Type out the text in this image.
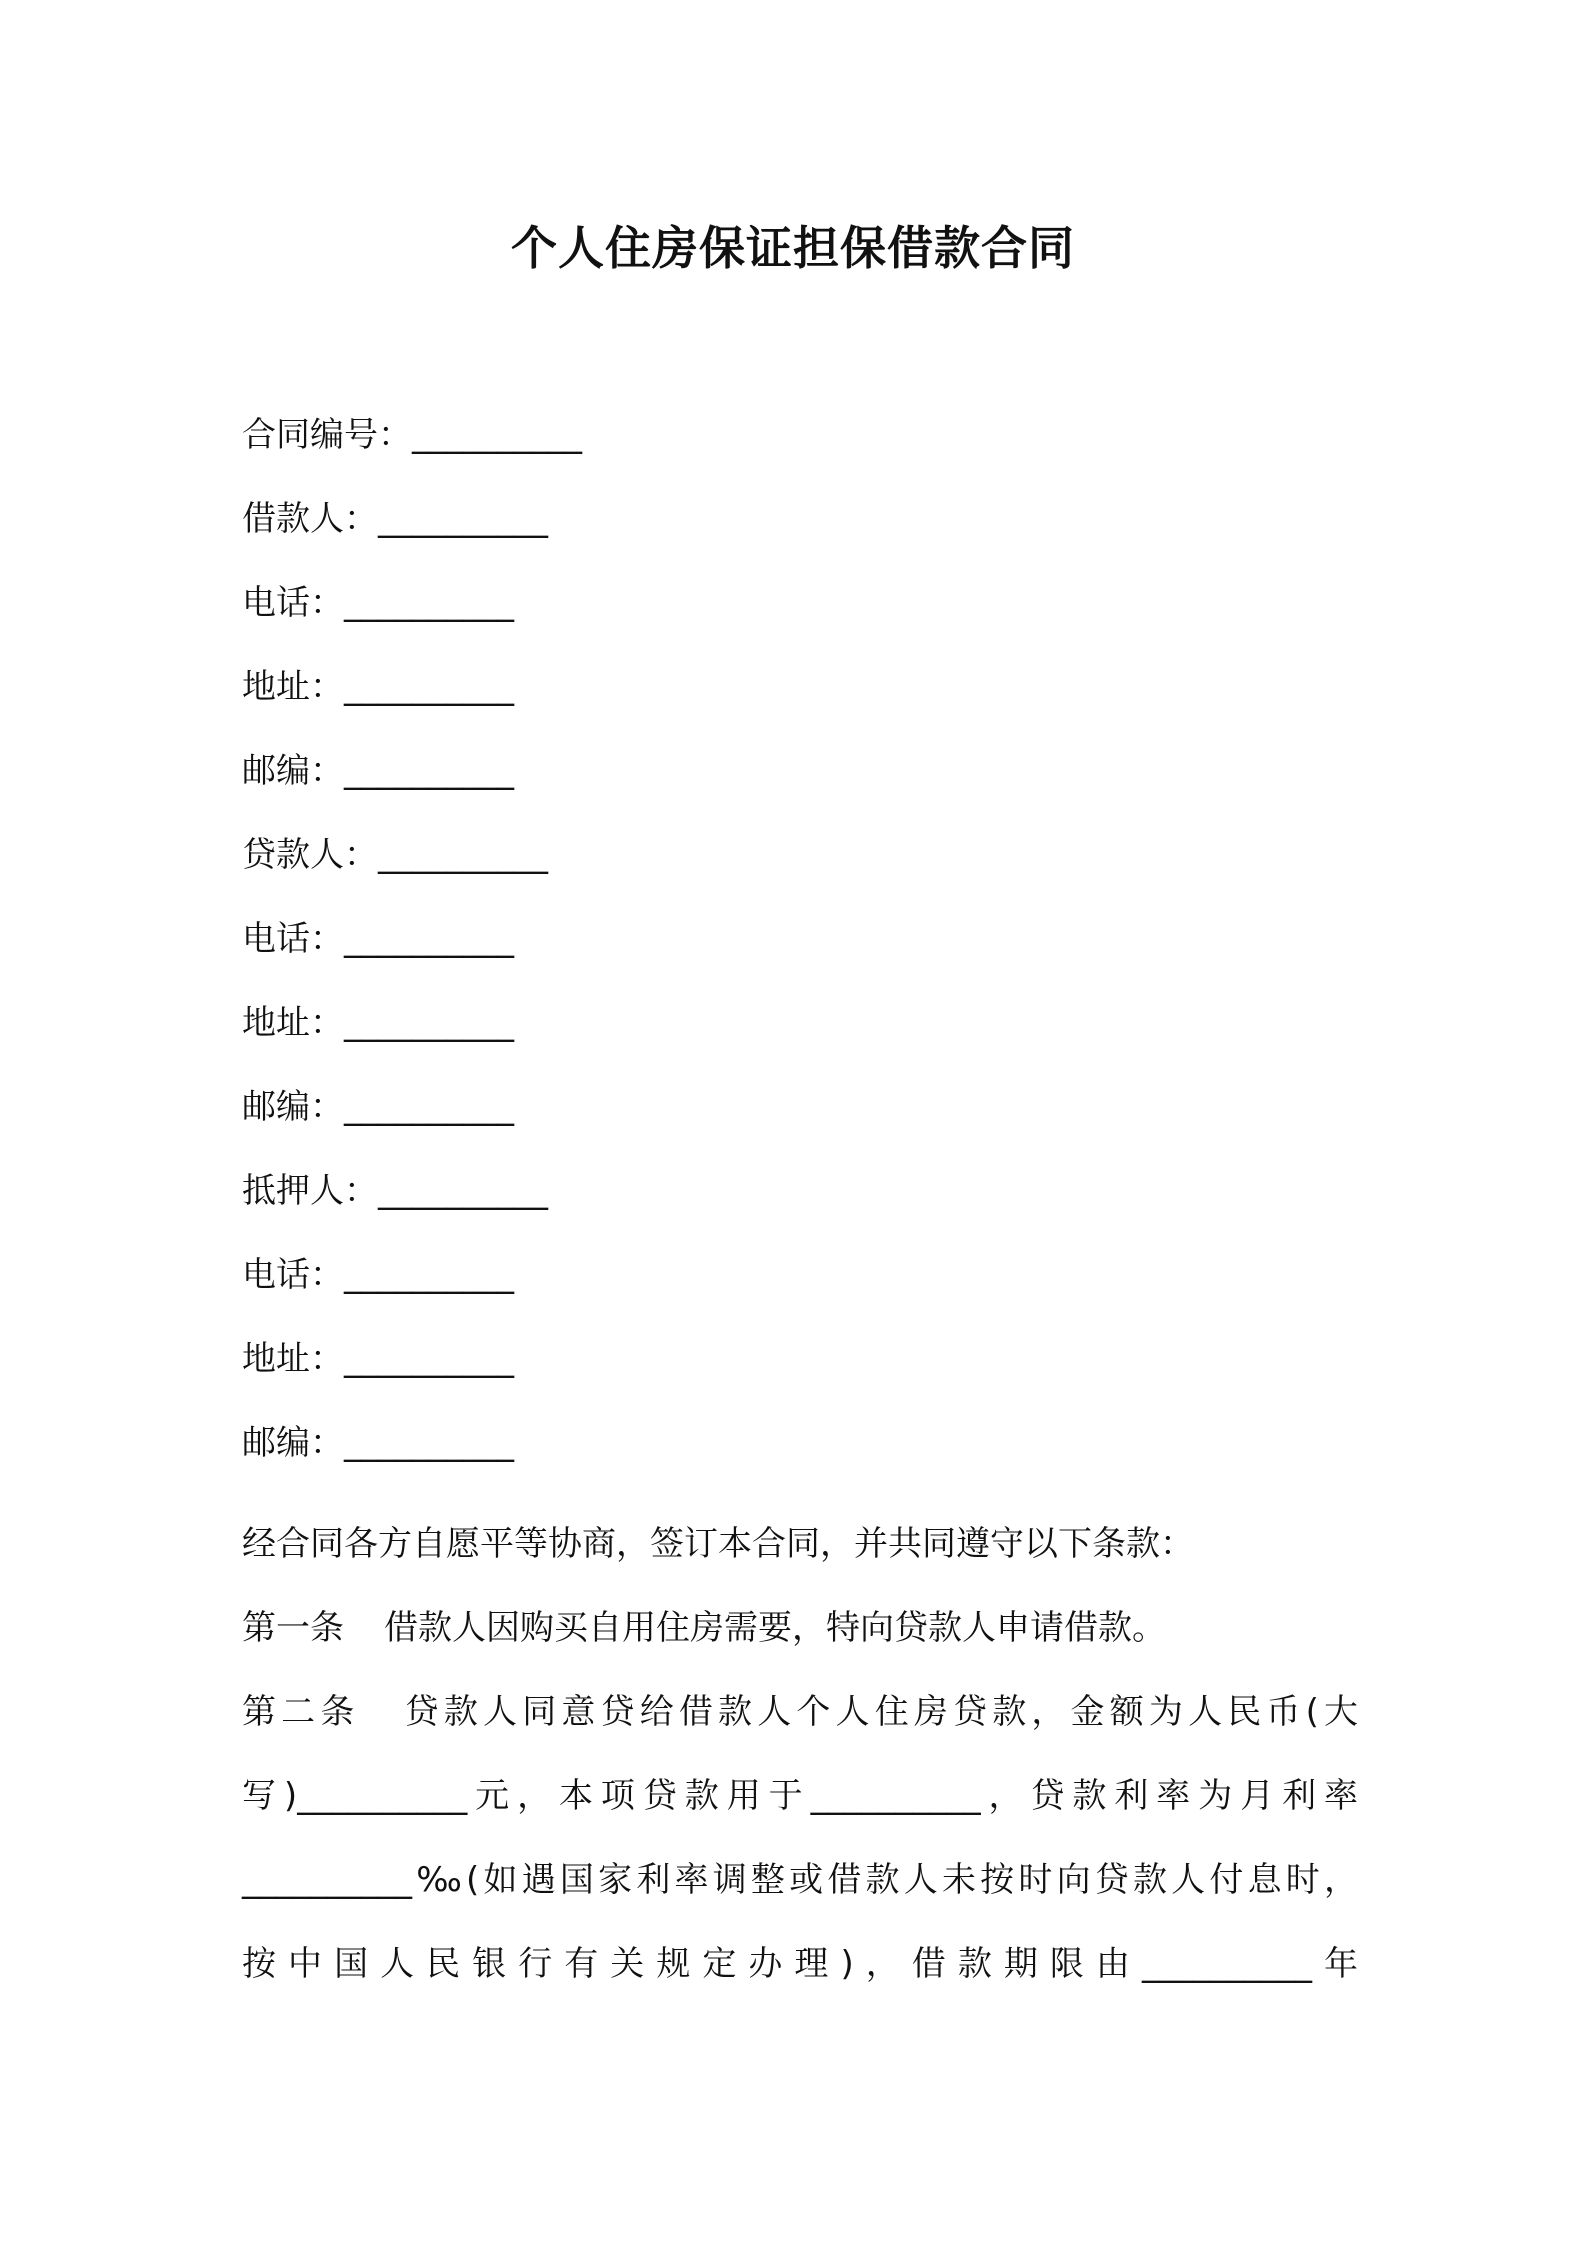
个人住房保证担保借款合同
合同编号：__________
借款人：__________
电话：__________
地址：__________
邮编：__________
贷款人：__________
电话：__________
地址：__________
邮编：__________
抵押人：__________
电话：__________
地址：__________
邮编：__________

经合同各方自愿平等协商，签订本合同，并共同遵守以下条款：

第一条 借款人因购买自用住房需要，特向贷款人申请借款。

第二条 贷款人同意贷给借款人个人住房贷款，金额为人民币(大

写)__________元，本项贷款用于__________，贷款利率为月利率

__________‰(如遇国家利率调整或借款人未按时向贷款人付息时，

按中国人民银行有关规定办理)，借款期限由__________年
